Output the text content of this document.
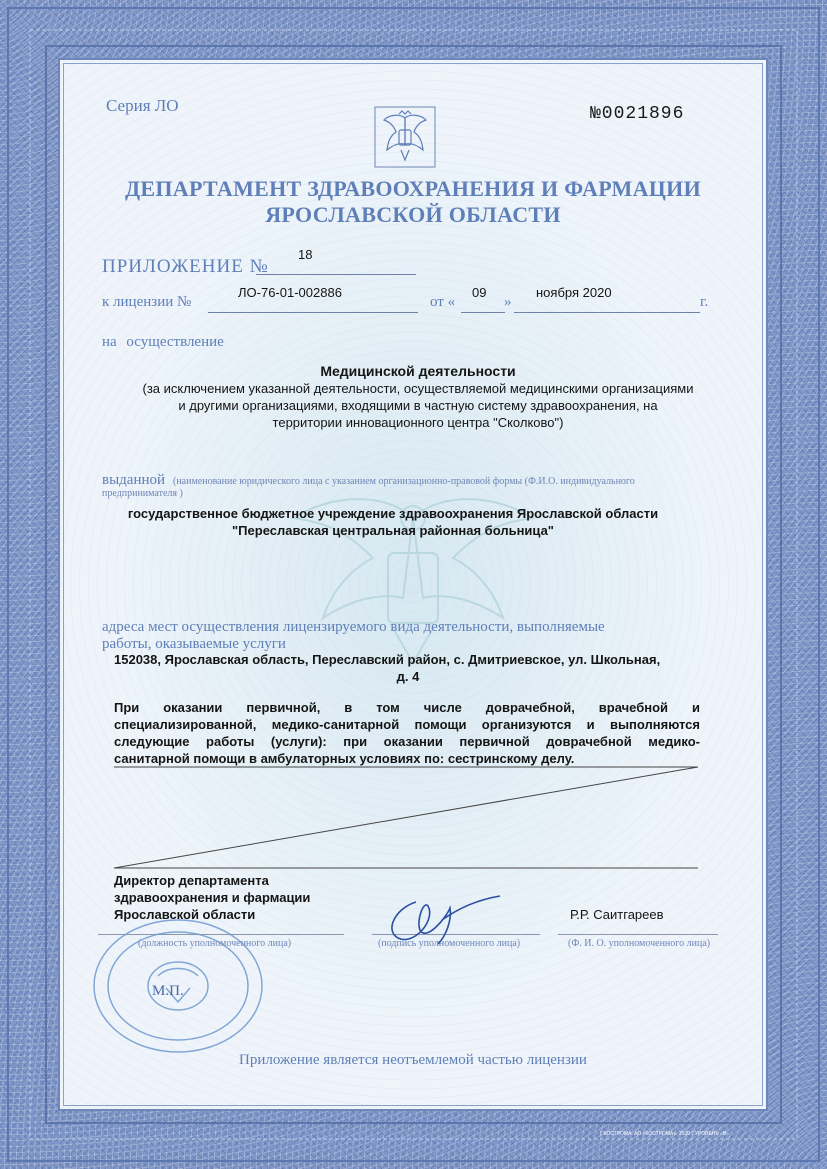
Серия ЛО	№0021896
ДЕПАРТАМЕНТ ЗДРАВООХРАНЕНИЯ И ФАРМАЦИИ
ЯРОСЛАВСКОЙ ОБЛАСТИ
ПРИЛОЖЕНИЕ №
18
к лицензии №
ЛО-76-01-002886
от «
09
»
ноября 2020
г.
на осуществление
Медицинской деятельности
(за исключением указанной деятельности, осуществляемой медицинскими организациями
и другими организациями, входящими в частную систему здравоохранения, на
территории инновационного центра "Сколково")
выданной (наименование юридического лица с указанием организационно-правовой формы (Ф.И.О. индивидуального
предпринимателя )
государственное бюджетное учреждение здравоохранения Ярославской области
"Переславская центральная районная больница"
адреса мест осуществления лицензируемого вида деятельности, выполняемые
работы, оказываемые услуги
152038, Ярославская область, Переславский район, с. Дмитриевское, ул. Школьная,
д. 4
При оказании первичной, в том числе доврачебной, врачебной и
специализированной, медико-санитарной помощи организуются и выполняются
следующие работы (услуги): при оказании первичной доврачебной медико-
санитарной помощи в амбулаторных условиях по: сестринскому делу.
Директор департамента
здравоохранения и фармации
Ярославской области	Р.Р. Саитгареев
(должность уполномоченного лица)	(подпись уполномоченного лица)	(Ф. И. О. уполномоченного лица)
М.П.
Приложение является неотъемлемой частью лицензии
Г.КОСТРОМА. АО «КОСТРОМА». 2020 Г.УРОВЕНЬ «В»
